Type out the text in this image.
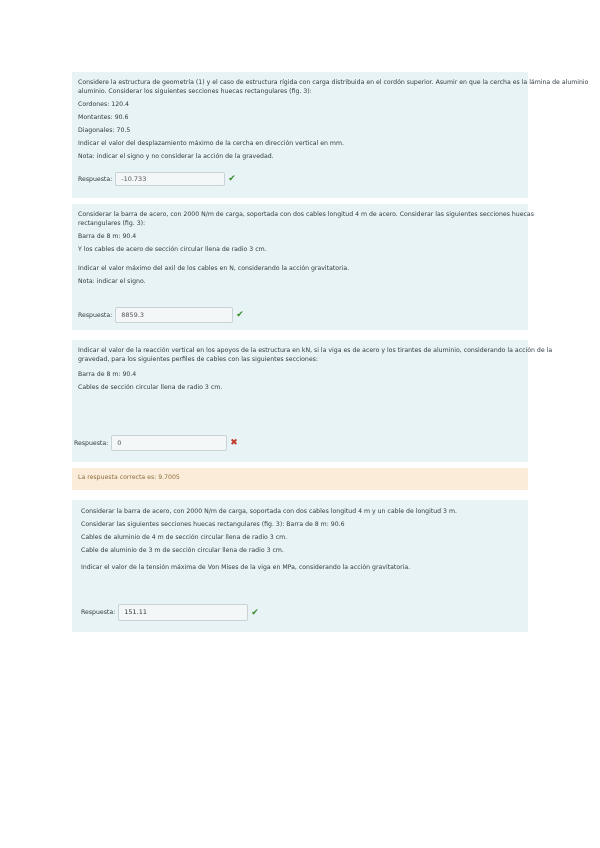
Considere la estructura de geometría (1) y el caso de estructura rígida con carga distribuida en el cordón superior. Asumir en que la cercha es la lámina de aluminio
aluminio. Considerar los siguientes secciones huecas rectangulares (fig. 3):
Cordones: 120.4
Montantes: 90.6
Diagonales: 70.5
Indicar el valor del desplazamiento máximo de la cercha en dirección vertical en mm.
Nota: indicar el signo y no considerar la acción de la gravedad.
Respuesta:	-10.733	✔
Considerar la barra de acero, con 2000 N/m de carga, soportada con dos cables longitud 4 m de acero. Considerar las siguientes secciones huecas
rectangulares (fig. 3):
Barra de 8 m: 90.4
Y los cables de acero de sección circular llena de radio 3 cm.
Indicar el valor máximo del axil de los cables en N, considerando la acción gravitatoria.
Nota: indicar el signo.
Respuesta:	8859.3	✔
Indicar el valor de la reacción vertical en los apoyos de la estructura en kN, si la viga es de acero y los tirantes de aluminio, considerando la acción de la
gravedad, para los siguientes perfiles de cables con las siguientes secciones:
Barra de 8 m: 90.4
Cables de sección circular llena de radio 3 cm.
Respuesta:	0	✖
La respuesta correcta es: 9.7005
Considerar la barra de acero, con 2000 N/m de carga, soportada con dos cables longitud 4 m y un cable de longitud 3 m.
Considerar las siguientes secciones huecas rectangulares (fig. 3): Barra de 8 m: 90.6
Cables de aluminio de 4 m de sección circular llena de radio 3 cm.
Cable de aluminio de 3 m de sección circular llena de radio 3 cm.
Indicar el valor de la tensión máxima de Von Mises de la viga en MPa, considerando la acción gravitatoria.
Respuesta:	151.11	✔
